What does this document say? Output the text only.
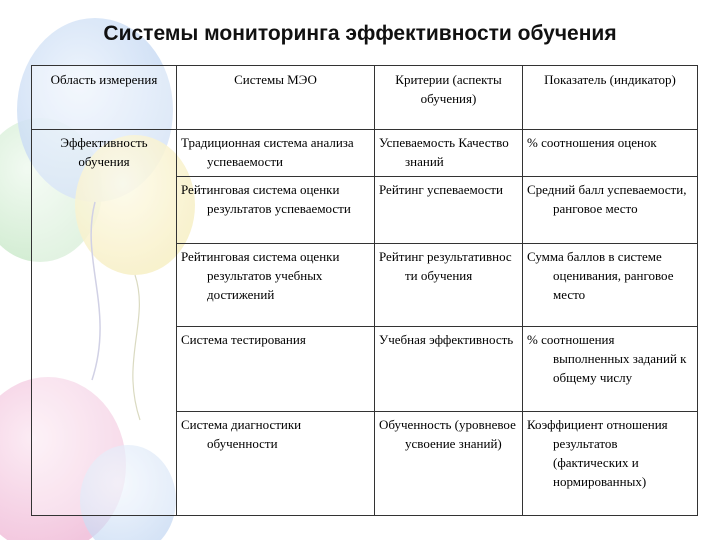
Системы мониторинга эффективности обучения
Область измерения	Системы МЭО	Критерии (аспекты обучения)	Показатель (индикатор)

Эффективность обучения	Традиционная система анализа успеваемости	Успеваемость Качество знаний	% соотношения оценок

	Рейтинговая система оценки результатов успеваемости	Рейтинг успеваемости	Средний балл успеваемости, ранговое место

	Рейтинговая система оценки результатов учебных достижений	Рейтинг результативнос ти обучения	Сумма баллов в системе оценивания, ранговое место

	Система тестирования	Учебная эффективность	% соотношения выполненных заданий к общему числу

	Система диагностики обученности	Обученность (уровневое усвоение знаний)	Коэффициент отношения результатов (фактических и нормированных)
